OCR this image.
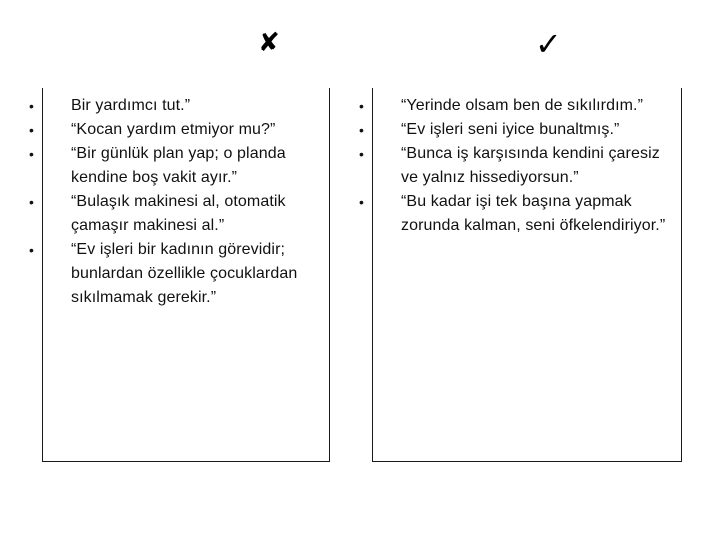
✘	✓
• Bir yardımcı tut.”
• “Kocan yardım etmiyor mu?”
• “Bir günlük plan yap; o planda kendine boş vakit ayır.”
• “Bulaşık makinesi al, otomatik çamaşır makinesi al.”
• “Ev işleri bir kadının görevidir; bunlardan özellikle çocuklardan sıkılmamak gerekir.”
• “Yerinde olsam ben de sıkılırdım.”
• “Ev işleri seni iyice bunaltmış.”
• “Bunca iş karşısında kendini çaresiz ve yalnız hissediyorsun.”
• “Bu kadar işi tek başına yapmak zorunda kalman, seni öfkelendiriyor.”
